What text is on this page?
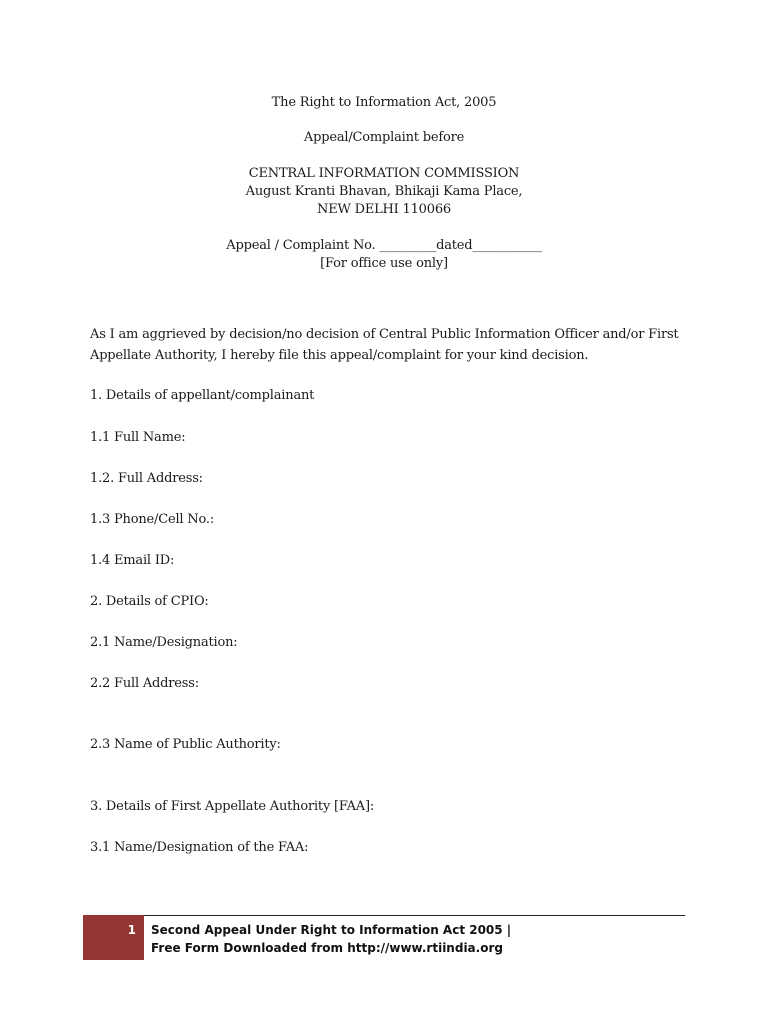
The Right to Information Act, 2005
Appeal/Complaint before
CENTRAL INFORMATION COMMISSION
August Kranti Bhavan, Bhikaji Kama Place,
NEW DELHI 110066
Appeal / Complaint No. _________dated___________
[For office use only]
As I am aggrieved by decision/no decision of Central Public Information Officer and/or First Appellate Authority, I hereby file this appeal/complaint for your kind decision.
1. Details of appellant/complainant
1.1 Full Name:
1.2. Full Address:
1.3 Phone/Cell No.:
1.4 Email ID:
2. Details of CPIO:
2.1 Name/Designation:
2.2 Full Address:
2.3 Name of Public Authority:
3. Details of First Appellate Authority [FAA]:
3.1 Name/Designation of the FAA:
1	Second Appeal Under Right to Information Act 2005 |
Free Form Downloaded from http://www.rtiindia.org
